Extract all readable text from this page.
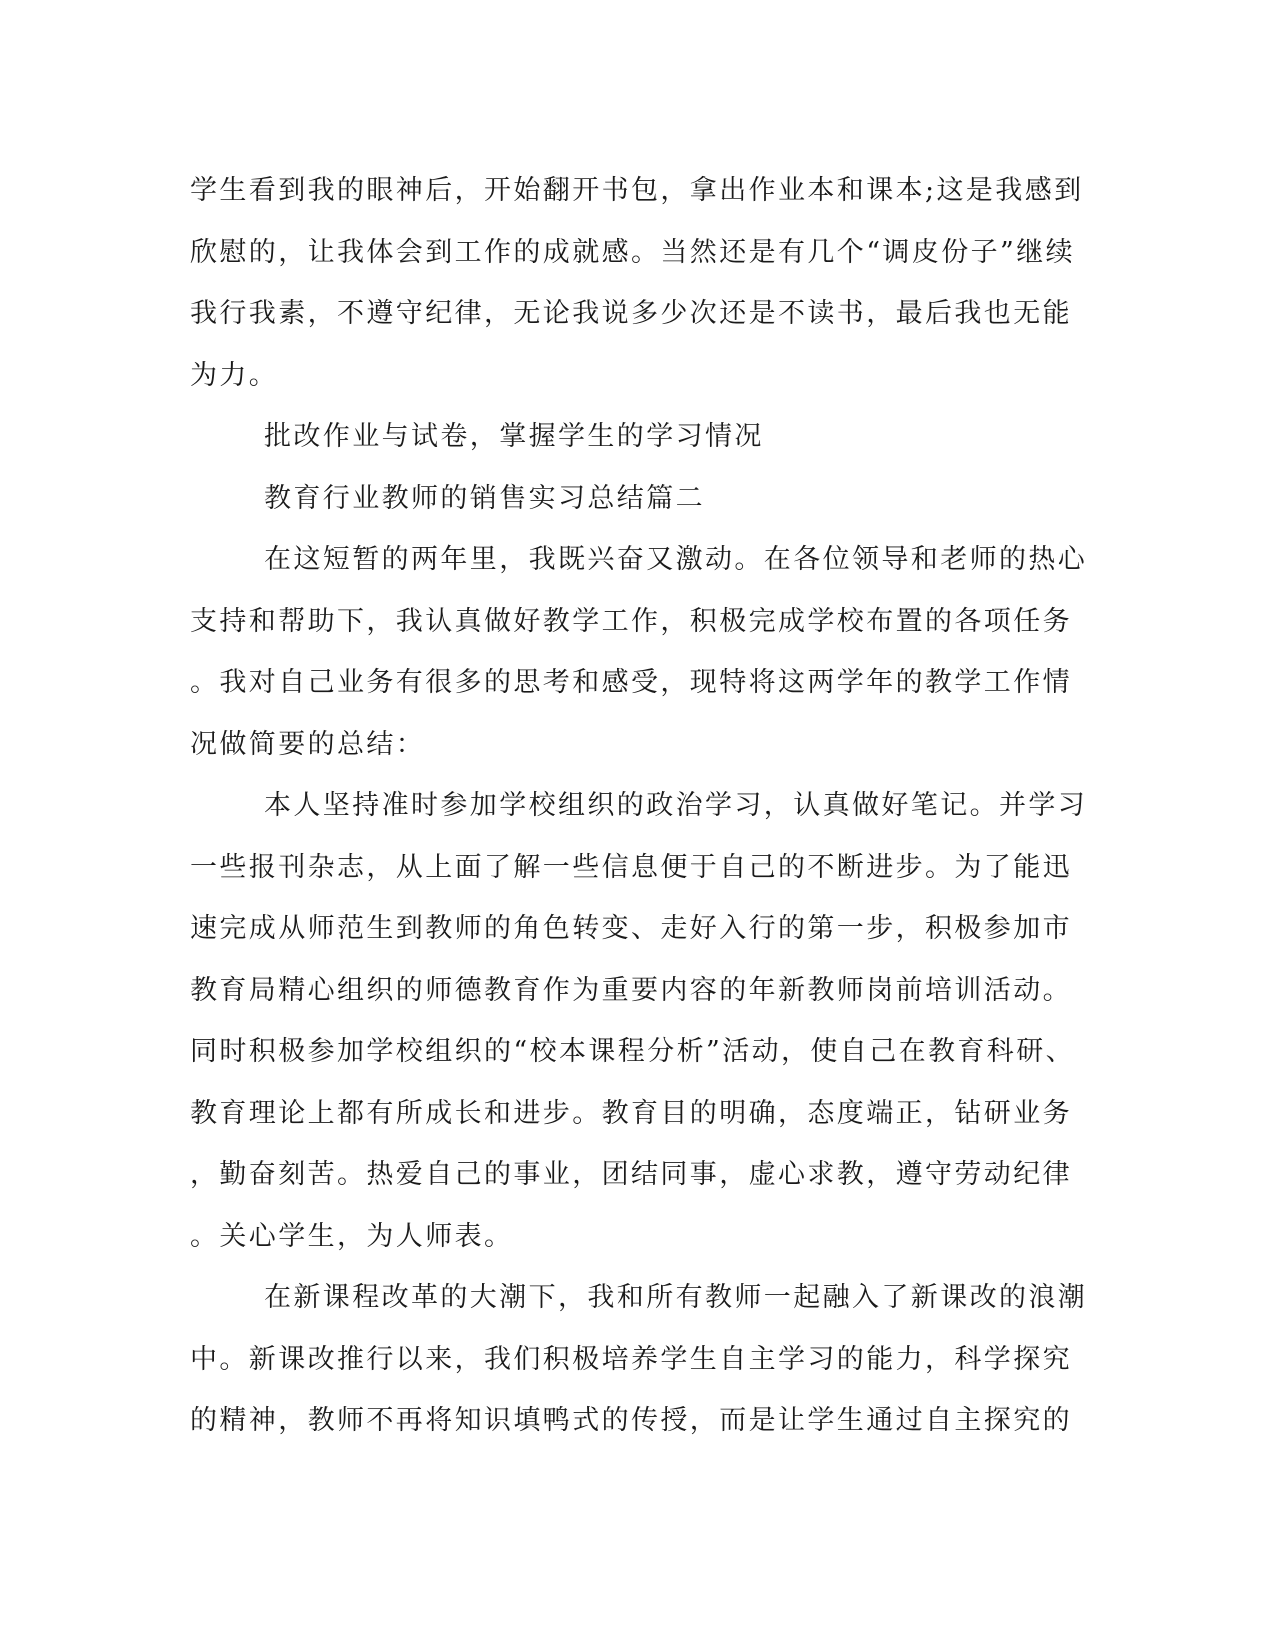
学生看到我的眼神后，开始翻开书包，拿出作业本和课本;这是我感到
欣慰的，让我体会到工作的成就感。当然还是有几个“调皮份子”继续
我行我素，不遵守纪律，无论我说多少次还是不读书，最后我也无能
为力。
批改作业与试卷，掌握学生的学习情况
教育行业教师的销售实习总结篇二
在这短暂的两年里，我既兴奋又激动。在各位领导和老师的热心
支持和帮助下，我认真做好教学工作，积极完成学校布置的各项任务
。我对自己业务有很多的思考和感受，现特将这两学年的教学工作情
况做简要的总结：
本人坚持准时参加学校组织的政治学习，认真做好笔记。并学习
一些报刊杂志，从上面了解一些信息便于自己的不断进步。为了能迅
速完成从师范生到教师的角色转变、走好入行的第一步，积极参加市
教育局精心组织的师德教育作为重要内容的年新教师岗前培训活动。
同时积极参加学校组织的“校本课程分析”活动，使自己在教育科研、
教育理论上都有所成长和进步。教育目的明确，态度端正，钻研业务
，勤奋刻苦。热爱自己的事业，团结同事，虚心求教，遵守劳动纪律
。关心学生，为人师表。
在新课程改革的大潮下，我和所有教师一起融入了新课改的浪潮
中。新课改推行以来，我们积极培养学生自主学习的能力，科学探究
的精神，教师不再将知识填鸭式的传授，而是让学生通过自主探究的
